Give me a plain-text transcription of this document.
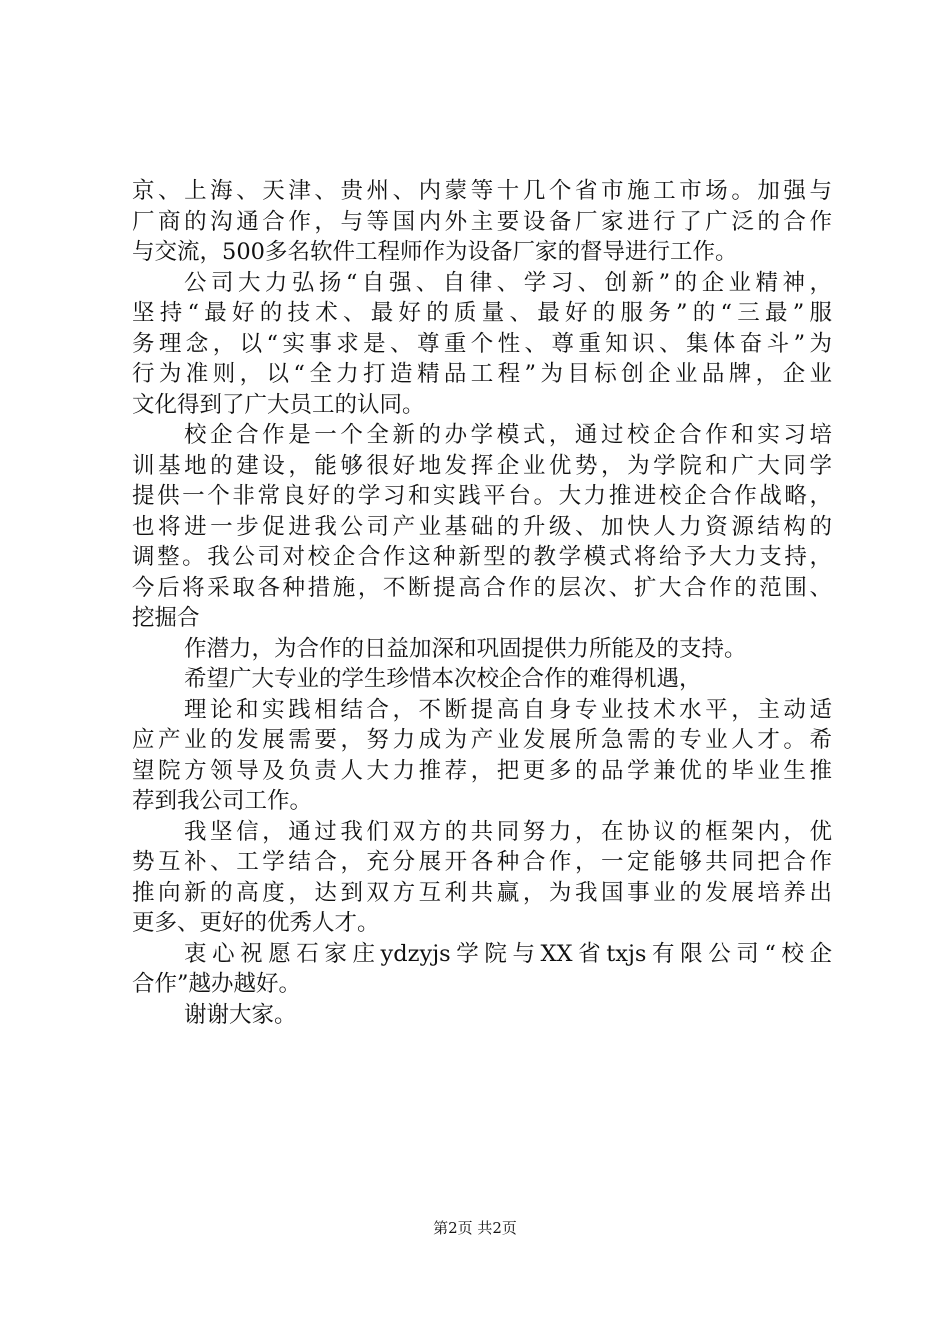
京、上海、天津、贵州、内蒙等十几个省市施工市场。加强与
厂商的沟通合作，与等国内外主要设备厂家进行了广泛的合作
与交流，500多名软件工程师作为设备厂家的督导进行工作。
公司大力弘扬“自强、自律、学习、创新”的企业精神，
坚持“最好的技术、最好的质量、最好的服务”的“三最”服
务理念，以“实事求是、尊重个性、尊重知识、集体奋斗”为
行为准则，以“全力打造精品工程”为目标创企业品牌，企业
文化得到了广大员工的认同。
校企合作是一个全新的办学模式，通过校企合作和实习培
训基地的建设，能够很好地发挥企业优势，为学院和广大同学
提供一个非常良好的学习和实践平台。大力推进校企合作战略，
也将进一步促进我公司产业基础的升级、加快人力资源结构的
调整。我公司对校企合作这种新型的教学模式将给予大力支持，
今后将采取各种措施，不断提高合作的层次、扩大合作的范围、
挖掘合
作潜力，为合作的日益加深和巩固提供力所能及的支持。
希望广大专业的学生珍惜本次校企合作的难得机遇，
理论和实践相结合，不断提高自身专业技术水平，主动适
应产业的发展需要，努力成为产业发展所急需的专业人才。希
望院方领导及负责人大力推荐，把更多的品学兼优的毕业生推
荐到我公司工作。
我坚信，通过我们双方的共同努力，在协议的框架内，优
势互补、工学结合，充分展开各种合作，一定能够共同把合作
推向新的高度，达到双方互利共赢，为我国事业的发展培养出
更多、更好的优秀人才。
衷心祝愿石家庄ydzyjs学院与XX省txjs有限公司“校企
合作”越办越好。
谢谢大家。
第2页 共2页
